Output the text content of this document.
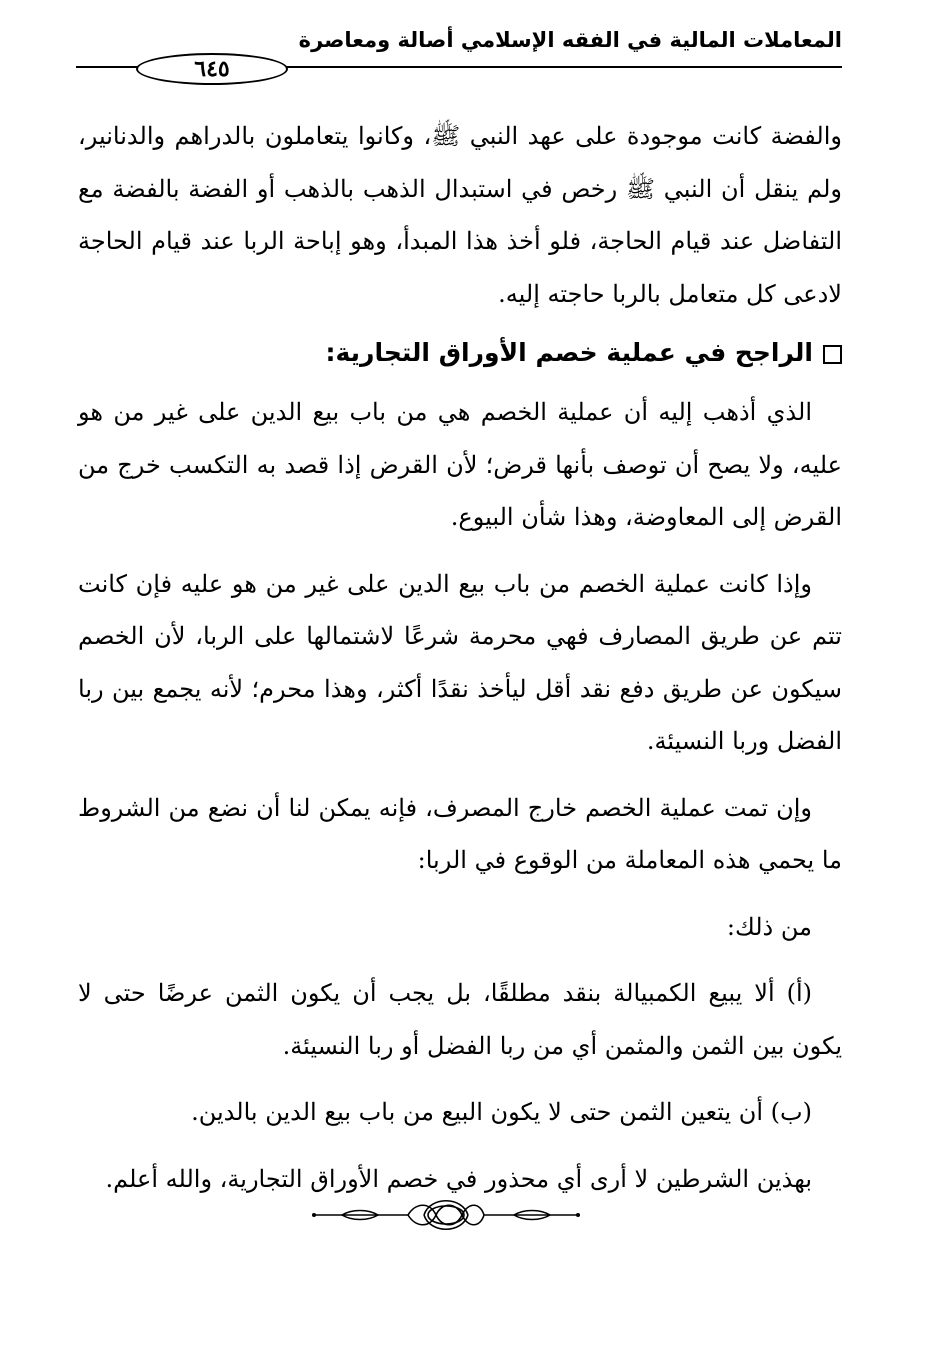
المعاملات المالية في الفقه الإسلامي أصالة ومعاصرة
٦٤٥

والفضة كانت موجودة على عهد النبي ﷺ، وكانوا يتعاملون بالدراهم والدنانير، ولم ينقل أن النبي ﷺ رخص في استبدال الذهب بالذهب أو الفضة بالفضة مع التفاضل عند قيام الحاجة، فلو أخذ هذا المبدأ، وهو إباحة الربا عند قيام الحاجة لادعى كل متعامل بالربا حاجته إليه.

الراجح في عملية خصم الأوراق التجارية:

الذي أذهب إليه أن عملية الخصم هي من باب بيع الدين على غير من هو عليه، ولا يصح أن توصف بأنها قرض؛ لأن القرض إذا قصد به التكسب خرج من القرض إلى المعاوضة، وهذا شأن البيوع.

وإذا كانت عملية الخصم من باب بيع الدين على غير من هو عليه فإن كانت تتم عن طريق المصارف فهي محرمة شرعًا لاشتمالها على الربا، لأن الخصم سيكون عن طريق دفع نقد أقل ليأخذ نقدًا أكثر، وهذا محرم؛ لأنه يجمع بين ربا الفضل وربا النسيئة.

وإن تمت عملية الخصم خارج المصرف، فإنه يمكن لنا أن نضع من الشروط ما يحمي هذه المعاملة من الوقوع في الربا:

من ذلك:

(أ) ألا يبيع الكمبيالة بنقد مطلقًا، بل يجب أن يكون الثمن عرضًا حتى لا يكون بين الثمن والمثمن أي من ربا الفضل أو ربا النسيئة.

(ب) أن يتعين الثمن حتى لا يكون البيع من باب بيع الدين بالدين.

بهذين الشرطين لا أرى أي محذور في خصم الأوراق التجارية، والله أعلم.
